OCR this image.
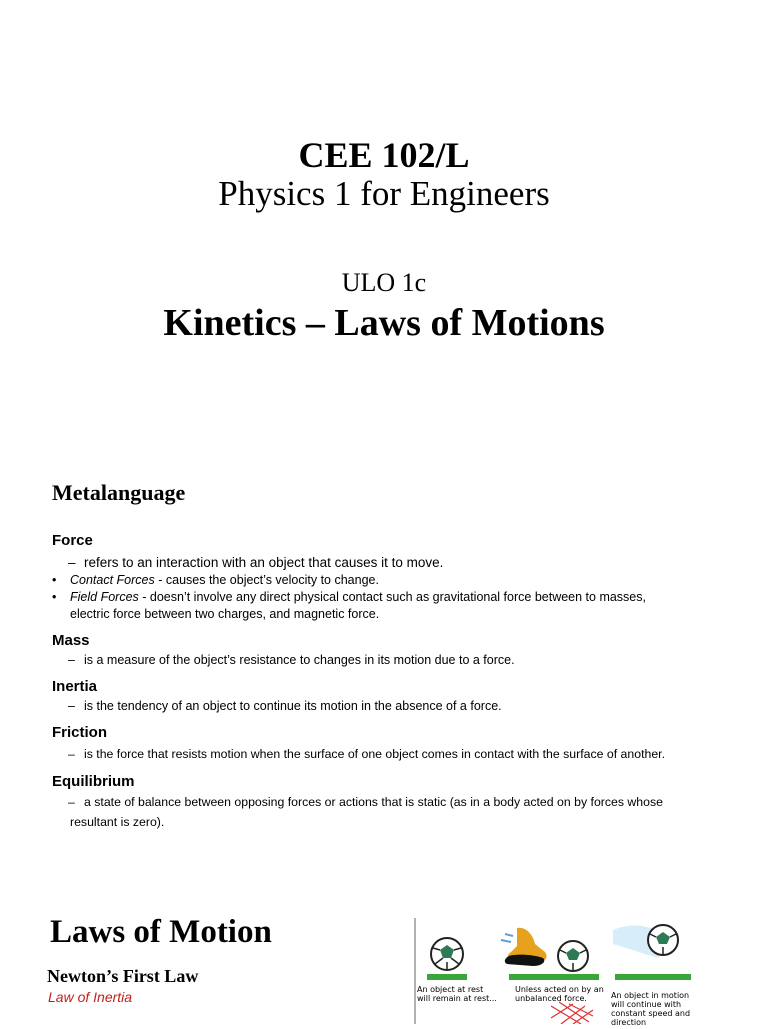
CEE 102/L
Physics 1 for Engineers
ULO 1c
Kinetics – Laws of Motions
Metalanguage
Force
– refers to an interaction with an object that causes it to move.
• Contact Forces - causes the object’s velocity to change.
• Field Forces - doesn’t involve any direct physical contact such as gravitational force between to masses,
electric force between two charges, and magnetic force.
Mass
– is a measure of the object’s resistance to changes in its motion due to a force.
Inertia
– is the tendency of an object to continue its motion in the absence of a force.
Friction
– is the force that resists motion when the surface of one object comes in contact with the surface of another.
Equilibrium
– a state of balance between opposing forces or actions that is static (as in a body acted on by forces whose
resultant is zero).
Laws of Motion
Newton’s First Law
Law of Inertia	An object at rest will remain at rest...
Unless acted on by an unbalanced force.	An object in motion will continue with constant speed and direction
